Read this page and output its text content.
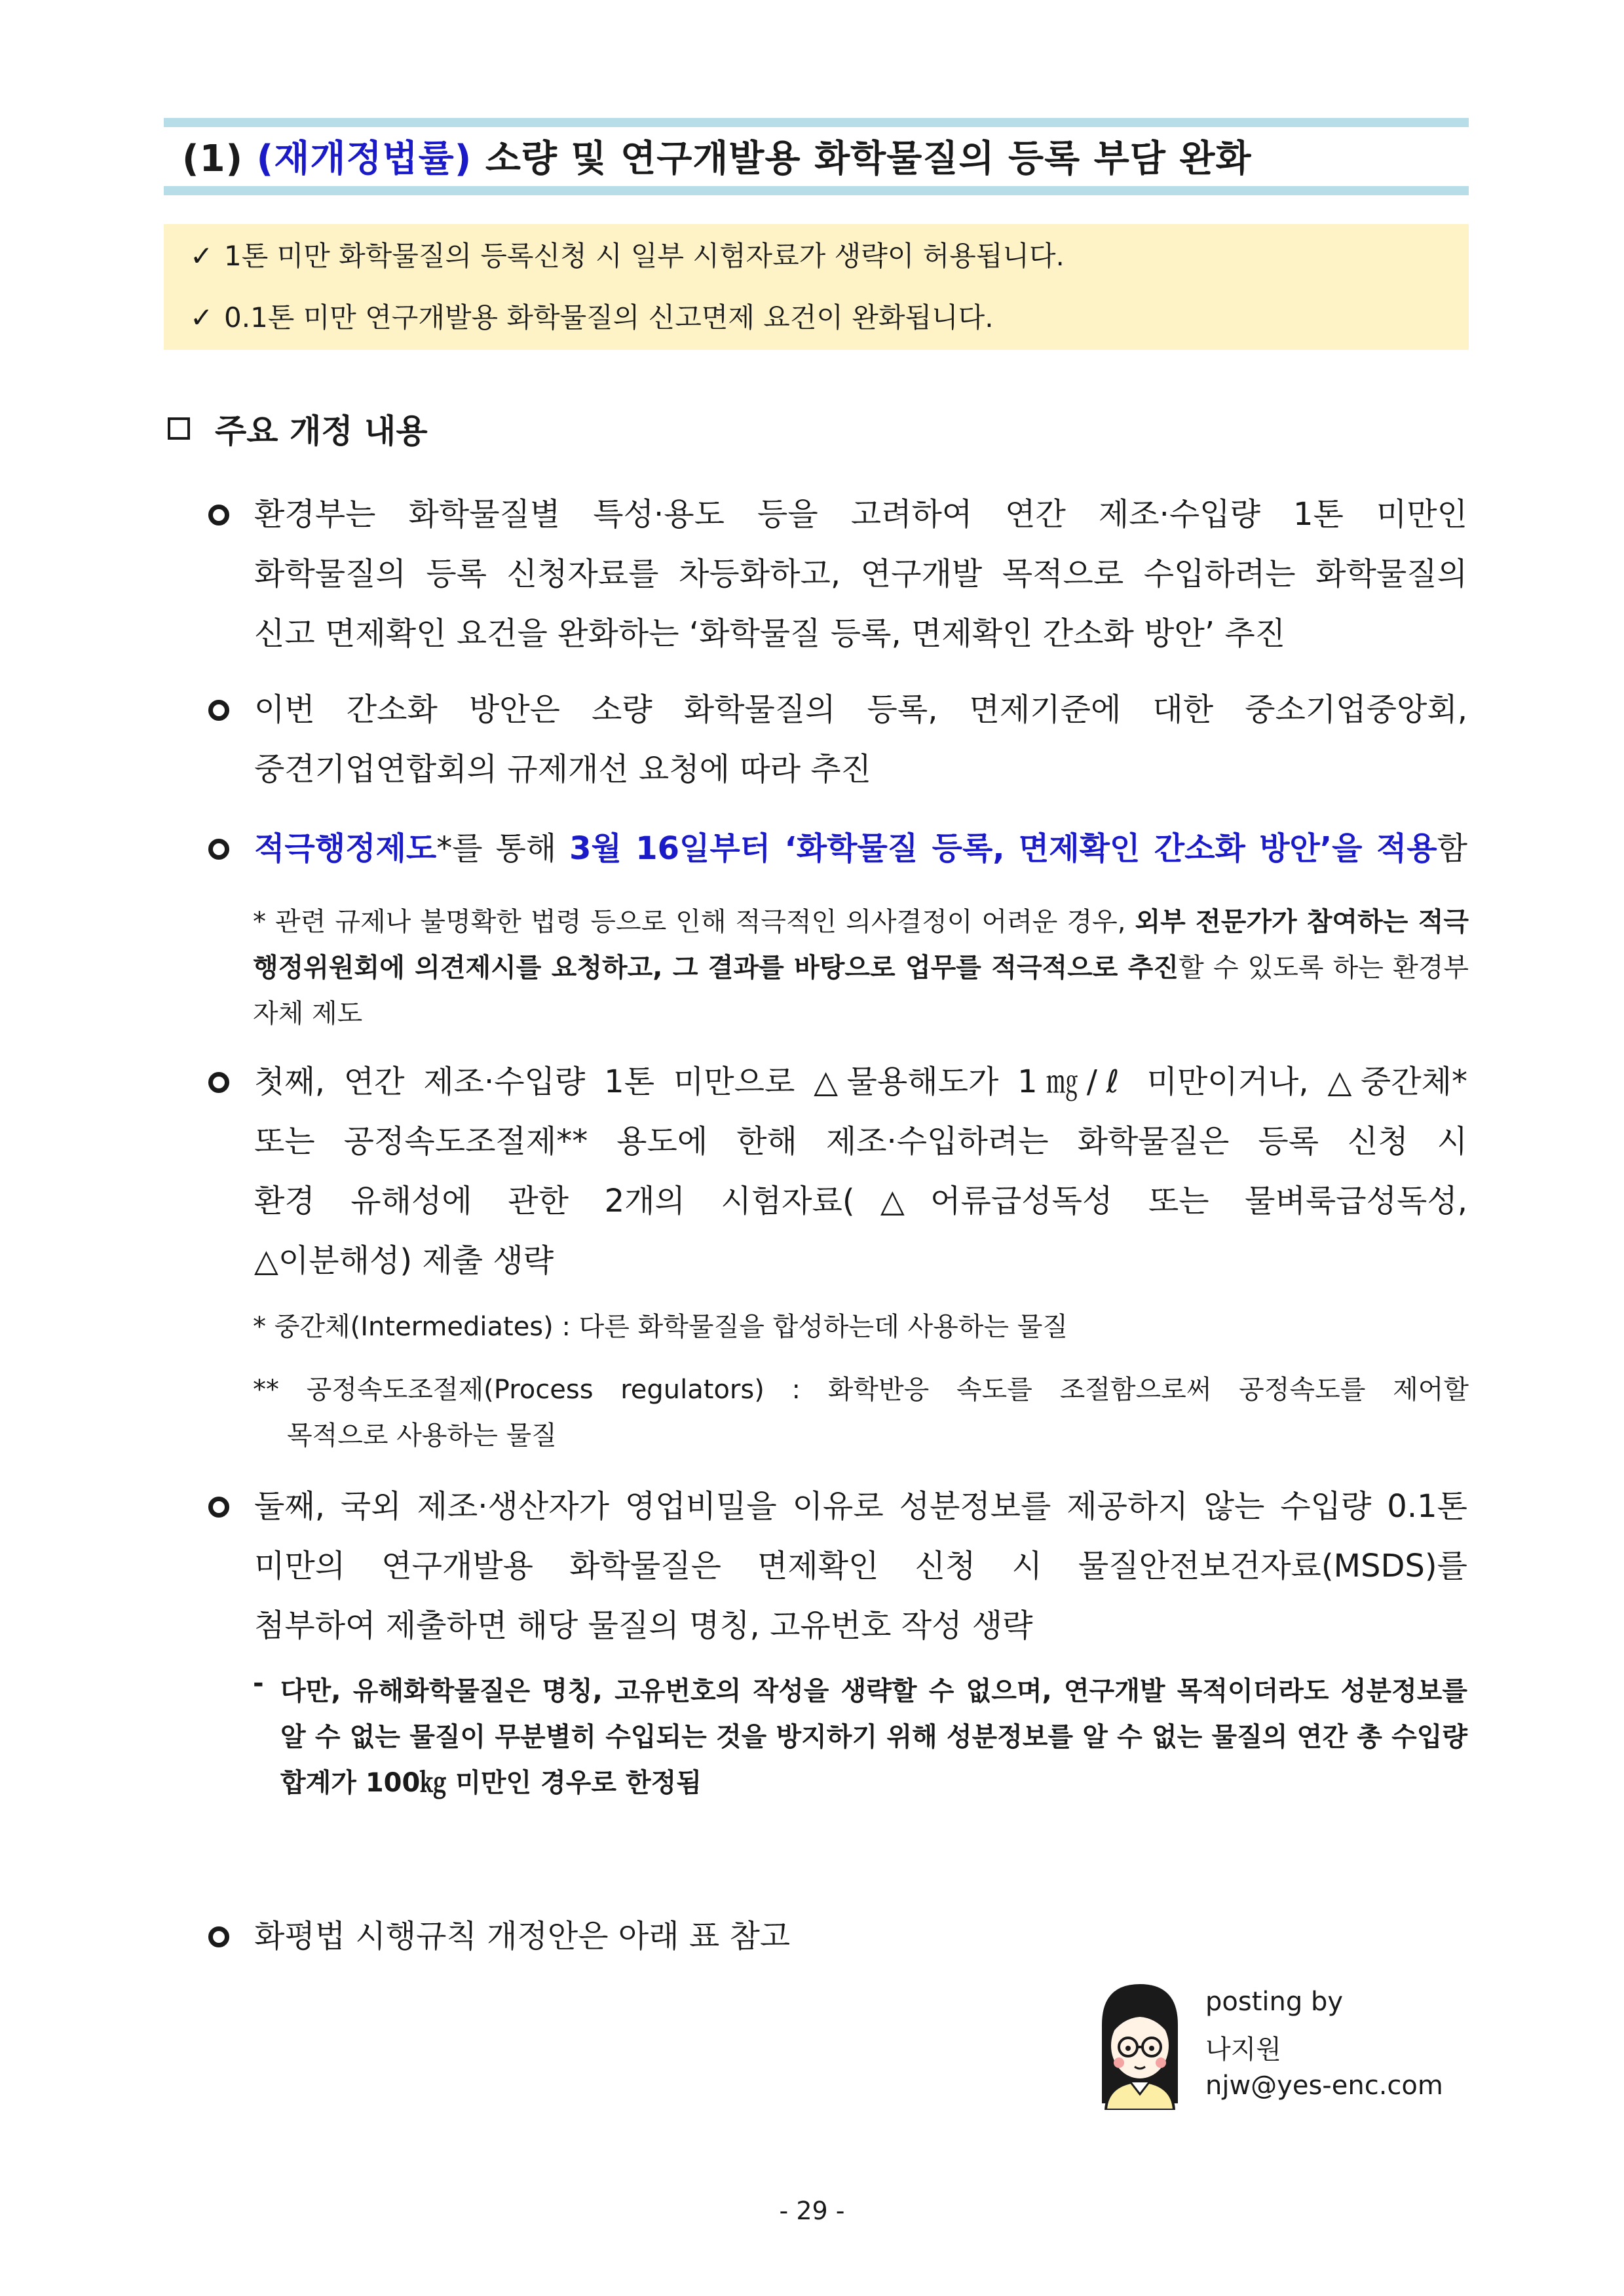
(1) (재개정법률) 소량 및 연구개발용 화학물질의 등록 부담 완화
✓ 1톤 미만 화학물질의 등록신청 시 일부 시험자료가 생략이 허용됩니다.
✓ 0.1톤 미만 연구개발용 화학물질의 신고면제 요건이 완화됩니다.
주요 개정 내용
환경부는 화학물질별 특성·용도 등을 고려하여 연간 제조·수입량 1톤 미만인
화학물질의 등록 신청자료를 차등화하고, 연구개발 목적으로 수입하려는 화학물질의
신고 면제확인 요건을 완화하는 ‘화학물질 등록, 면제확인 간소화 방안’ 추진
이번 간소화 방안은 소량 화학물질의 등록, 면제기준에 대한 중소기업중앙회,
중견기업연합회의 규제개선 요청에 따라 추진
적극행정제도*를 통해 3월 16일부터 ‘화학물질 등록, 면제확인 간소화 방안’을 적용함
* 관련 규제나 불명확한 법령 등으로 인해 적극적인 의사결정이 어려운 경우, 외부 전문가가 참여하는 적극행정위원회에 의견제시를 요청하고, 그 결과를 바탕으로 업무를 적극적으로 추진할 수 있도록 하는 환경부 자체 제도
첫째, 연간 제조·수입량 1톤 미만으로 △물용해도가 1㎎/ℓ 미만이거나, △중간체*
또는 공정속도조절제** 용도에 한해 제조·수입하려는 화학물질은 등록 신청 시
환경 유해성에 관한 2개의 시험자료(△어류급성독성 또는 물벼룩급성독성,
△이분해성) 제출 생략
* 중간체(Intermediates) : 다른 화학물질을 합성하는데 사용하는 물질
** 공정속도조절제(Process regulators) : 화학반응 속도를 조절함으로써 공정속도를 제어할
목적으로 사용하는 물질
둘째, 국외 제조·생산자가 영업비밀을 이유로 성분정보를 제공하지 않는 수입량 0.1톤
미만의 연구개발용 화학물질은 면제확인 신청 시 물질안전보건자료(MSDS)를
첨부하여 제출하면 해당 물질의 명칭, 고유번호 작성 생략
- 다만, 유해화학물질은 명칭, 고유번호의 작성을 생략할 수 없으며, 연구개발 목적이더라도 성분정보를 알 수 없는 물질이 무분별히 수입되는 것을 방지하기 위해 성분정보를 알 수 없는 물질의 연간 총 수입량 합계가 100㎏ 미만인 경우로 한정됨
화평법 시행규칙 개정안은 아래 표 참고
posting by
나지원
njw@yes-enc.com
- 29 -
